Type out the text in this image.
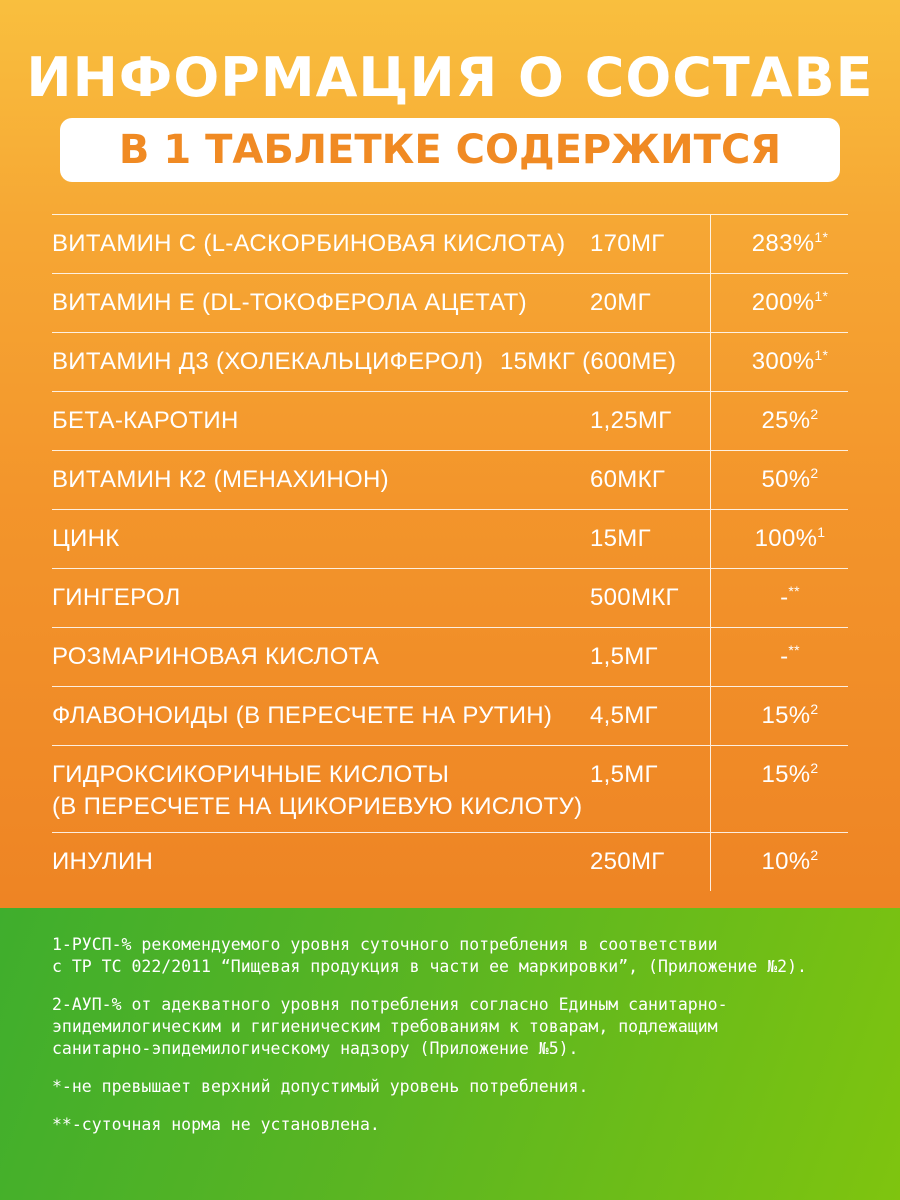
ИНФОРМАЦИЯ О СОСТАВЕ
В 1 ТАБЛЕТКЕ СОДЕРЖИТСЯ
ВИТАМИН С (L-АСКОРБИНОВАЯ КИСЛОТА) 170МГ	283%$^{1*}$
ВИТАМИН Е (DL-ТОКОФЕРОЛА АЦЕТАТ)	20МГ	200%$^{1*}$
ВИТАМИН Д3 (ХОЛЕКАЛЬЦИФЕРОЛ) 15МКГ (600МЕ)	300%$^{1*}$
БЕТА-КАРОТИН	1,25МГ	25%$^2$
ВИТАМИН К2 (МЕНАХИНОН)	60МКГ	50%$^2$
ЦИНК	15МГ	100%$^1$
ГИНГЕРОЛ	500МКГ	-**
РОЗМАРИНОВАЯ КИСЛОТА	1,5МГ	-**
ФЛАВОНОИДЫ (В ПЕРЕСЧЕТЕ НА РУТИН) 4,5МГ	15%$^2$
ГИДРОКСИКОРИЧНЫЕ КИСЛОТЫ
(В ПЕРЕСЧЕТЕ НА ЦИКОРИЕВУЮ КИСЛОТУ)
1,5МГ	15%$^2$
ИНУЛИН	250МГ	10%$^2$
1-РУСП-% рекомендуемого уровня суточного потребления в соответствии
с ТР ТС 022/2011 “Пищевая продукция в части ее маркировки”, (Приложение №2).
2-АУП-% от адекватного уровня потребления согласно Единым санитарно-
эпидемилогическим и гигиеническим требованиям к товарам, подлежащим
санитарно-эпидемилогическому надзору (Приложение №5).
*-не превышает верхний допустимый уровень потребления.
**-суточная норма не установлена.
